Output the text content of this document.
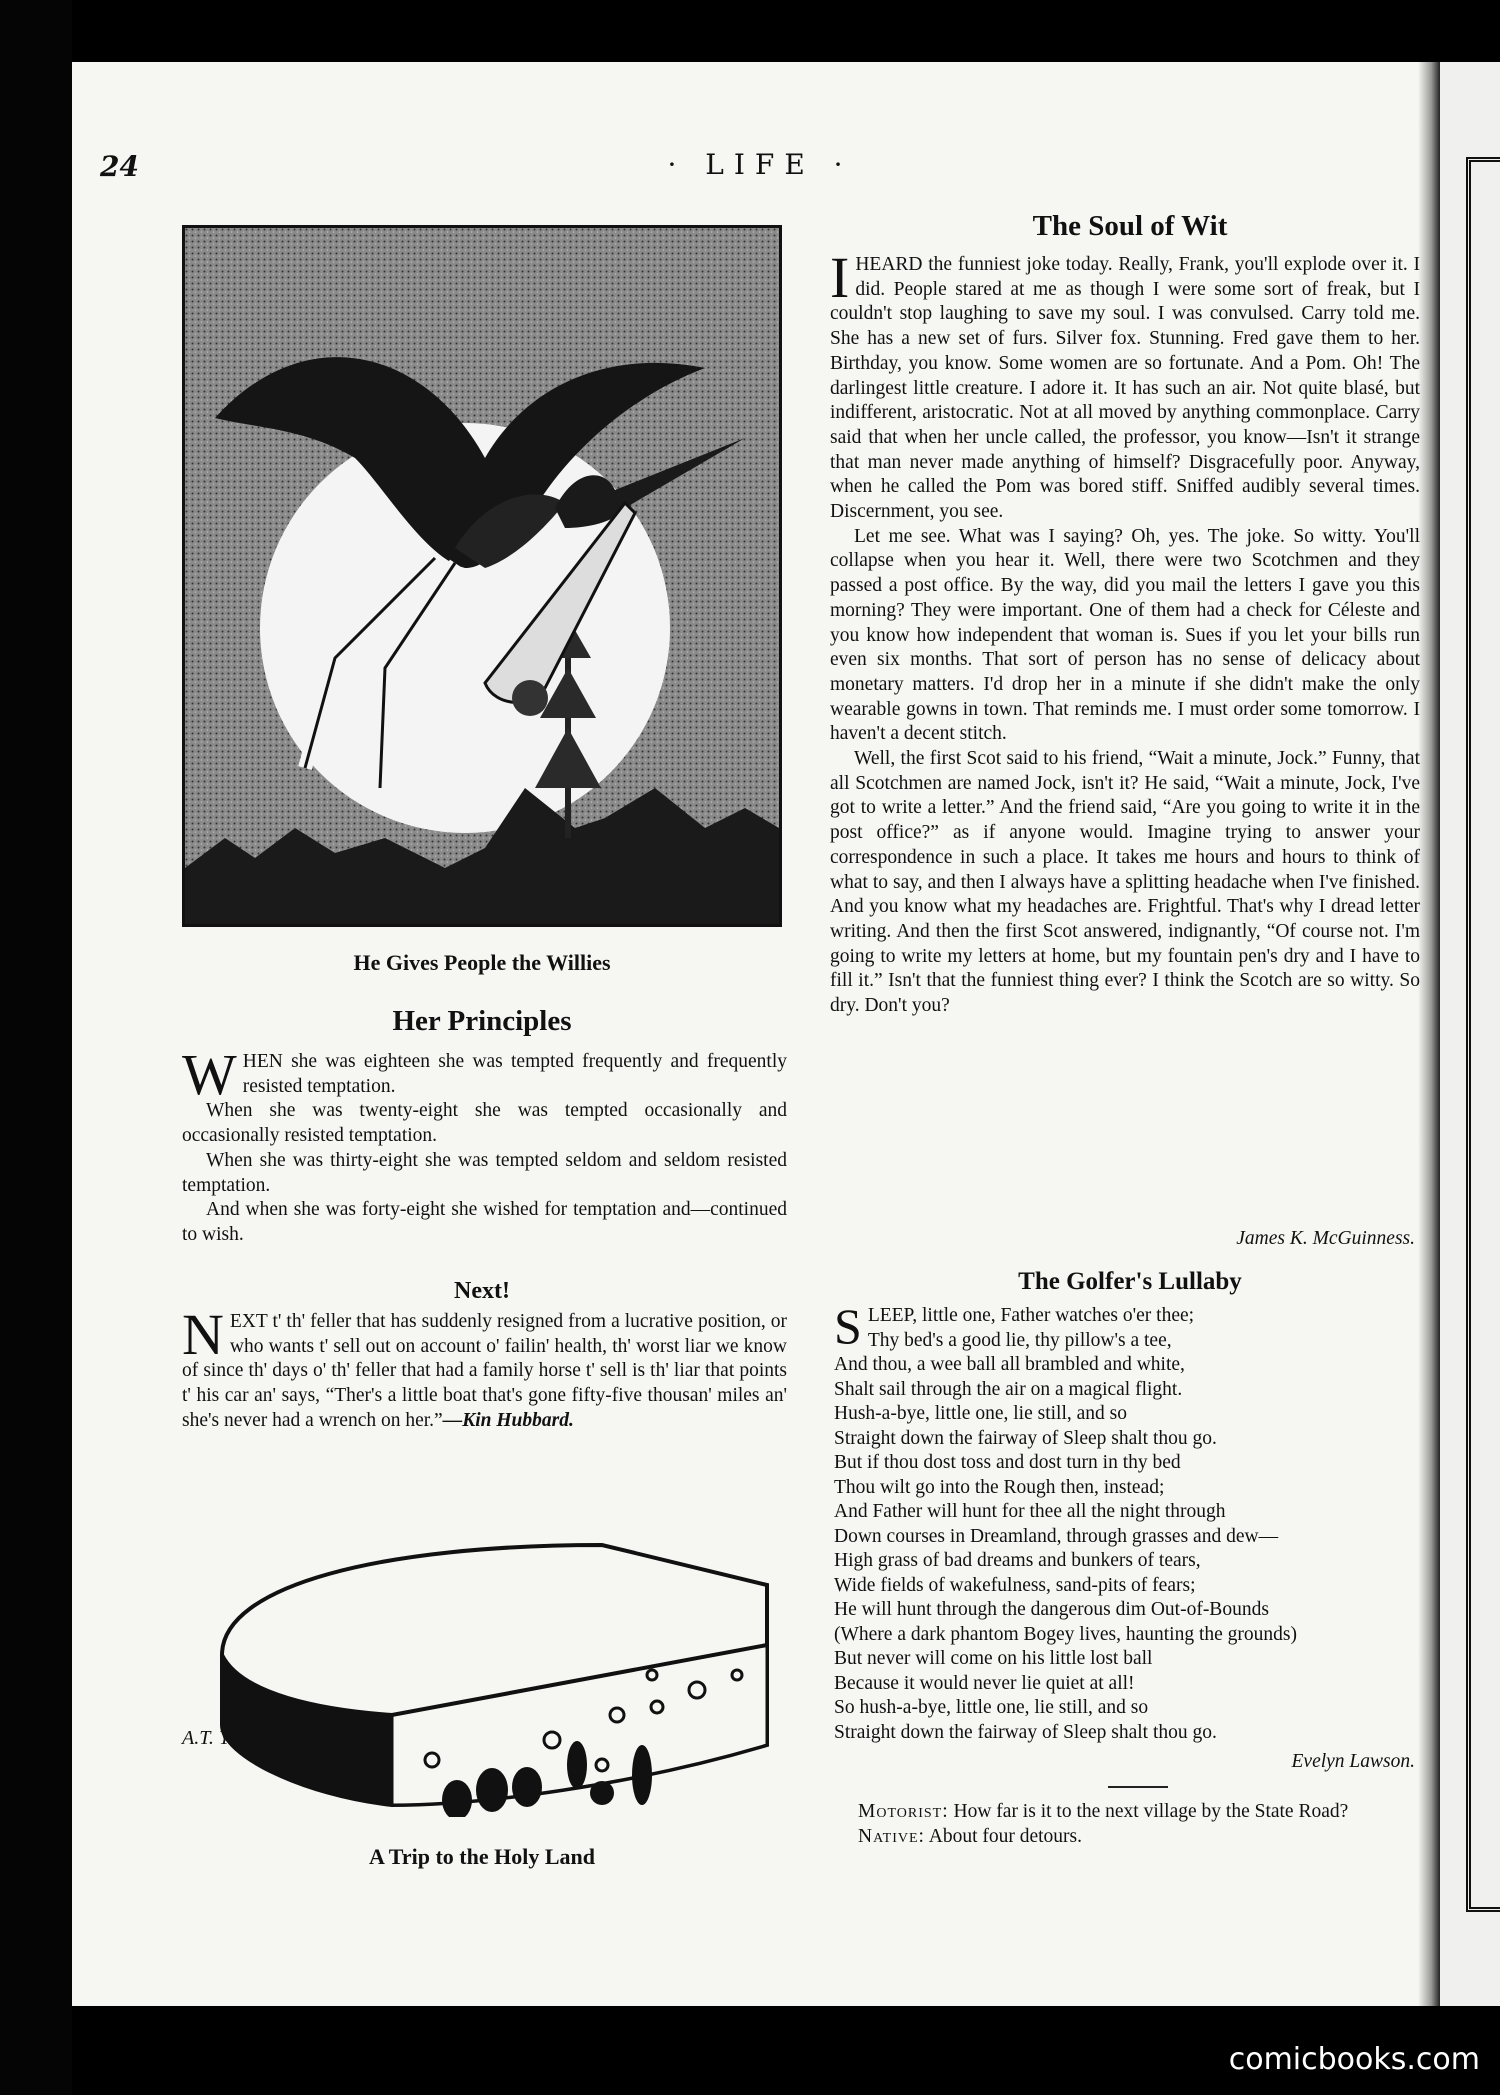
24	· LIFE ·
He Gives People the Willies
Her Principles

WHEN she was eighteen she was tempted frequently and frequently resisted temptation.

When she was twenty-eight she was tempted occasionally and occasionally resisted temptation.

When she was thirty-eight she was tempted seldom and seldom resisted temptation.

And when she was forty-eight she wished for temptation and—continued to wish.

Next!

NEXT t' th' feller that has suddenly resigned from a lucrative position, or who wants t' sell out on account o' failin' health, th' worst liar we know of since th' days o' th' feller that had a family horse t' sell is th' liar that points t' his car an' says, “Ther's a little boat that's gone fifty-five thousan' miles an' she's never had a wrench on her.”—Kin Hubbard.

A.T. Young
A Trip to the Holy Land
The Soul of Wit

IHEARD the funniest joke today. Really, Frank, you'll explode over it. I did. People stared at me as though I were some sort of freak, but I couldn't stop laughing to save my soul. I was convulsed. Carry told me. She has a new set of furs. Silver fox. Stunning. Fred gave them to her. Birthday, you know. Some women are so fortunate. And a Pom. Oh! The darlingest little creature. I adore it. It has such an air. Not quite blasé, but indifferent, aristocratic. Not at all moved by anything commonplace. Carry said that when her uncle called, the professor, you know—Isn't it strange that man never made anything of himself? Disgracefully poor. Anyway, when he called the Pom was bored stiff. Sniffed audibly several times. Discernment, you see.

Let me see. What was I saying? Oh, yes. The joke. So witty. You'll collapse when you hear it. Well, there were two Scotchmen and they passed a post office. By the way, did you mail the letters I gave you this morning? They were important. One of them had a check for Céleste and you know how independent that woman is. Sues if you let your bills run even six months. That sort of person has no sense of delicacy about monetary matters. I'd drop her in a minute if she didn't make the only wearable gowns in town. That reminds me. I must order some tomorrow. I haven't a decent stitch.

Well, the first Scot said to his friend, “Wait a minute, Jock.” Funny, that all Scotchmen are named Jock, isn't it? He said, “Wait a minute, Jock, I've got to write a letter.” And the friend said, “Are you going to write it in the post office?” as if anyone would. Imagine trying to answer your correspondence in such a place. It takes me hours and hours to think of what to say, and then I always have a splitting headache when I've finished. And you know what my headaches are. Frightful. That's why I dread letter writing. And then the first Scot answered, indignantly, “Of course not. I'm going to write my letters at home, but my fountain pen's dry and I have to fill it.” Isn't that the funniest thing ever? I think the Scotch are so witty. So dry. Don't you?

James K. McGuinness.
The Golfer's Lullaby
SLEEP, little one, Father watches o'er thee;
Thy bed's a good lie, thy pillow's a tee,
And thou, a wee ball all brambled and white,
Shalt sail through the air on a magical flight.
Hush-a-bye, little one, lie still, and so
Straight down the fairway of Sleep shalt thou go.
But if thou dost toss and dost turn in thy bed
Thou wilt go into the Rough then, instead;
And Father will hunt for thee all the night through
Down courses in Dreamland, through grasses and dew—
High grass of bad dreams and bunkers of tears,
Wide fields of wakefulness, sand-pits of fears;
He will hunt through the dangerous dim Out-of-Bounds
(Where a dark phantom Bogey lives, haunting the grounds)
But never will come on his little lost ball
Because it would never lie quiet at all!
So hush-a-bye, little one, lie still, and so
Straight down the fairway of Sleep shalt thou go.
Evelyn Lawson.

Motorist: How far is it to the next village by the State Road?

Native: About four detours.

comicbooks.com
